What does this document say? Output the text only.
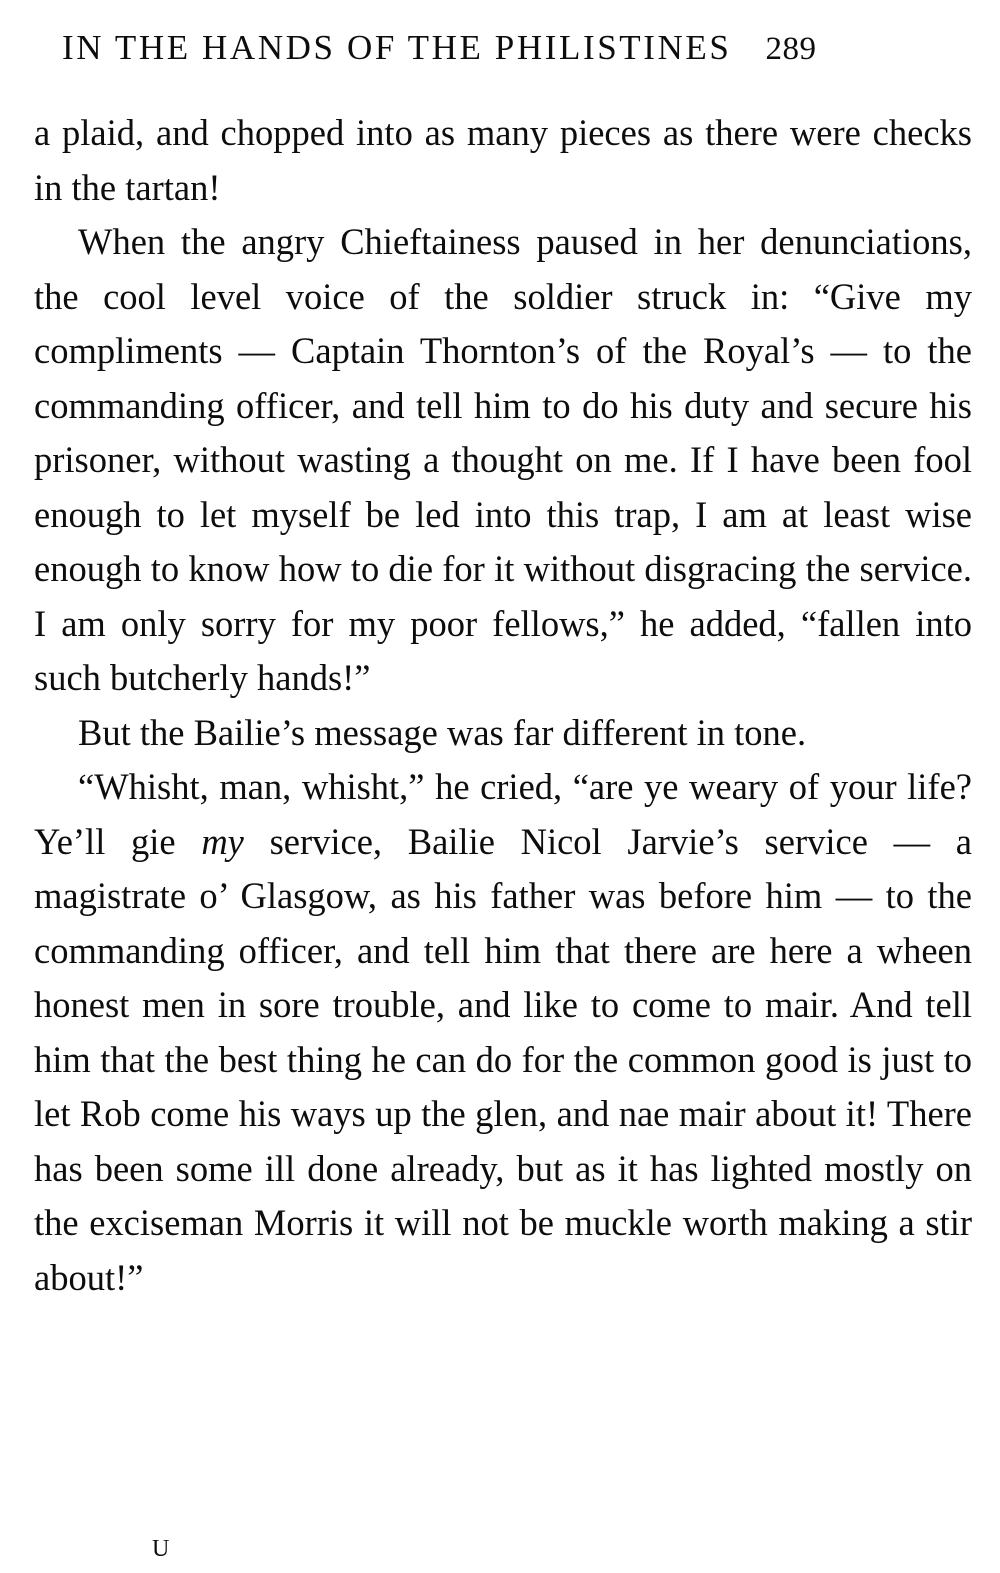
IN THE HANDS OF THE PHILISTINES 289

a plaid, and chopped into as many pieces as there were checks in the tartan!

When the angry Chieftainess paused in her denunciations, the cool level voice of the soldier struck in: “Give my compliments — Captain Thornton’s of the Royal’s — to the commanding officer, and tell him to do his duty and secure his prisoner, without wasting a thought on me. If I have been fool enough to let myself be led into this trap, I am at least wise enough to know how to die for it without disgracing the service. I am only sorry for my poor fellows,” he added, “fallen into such butcherly hands!”

But the Bailie’s message was far different in tone.

“Whisht, man, whisht,” he cried, “are ye weary of your life? Ye’ll gie my service, Bailie Nicol Jarvie’s service — a magistrate o’ Glasgow, as his father was before him — to the commanding officer, and tell him that there are here a wheen honest men in sore trouble, and like to come to mair. And tell him that the best thing he can do for the common good is just to let Rob come his ways up the glen, and nae mair about it! There has been some ill done already, but as it has lighted mostly on the exciseman Morris it will not be muckle worth making a stir about!”

U
